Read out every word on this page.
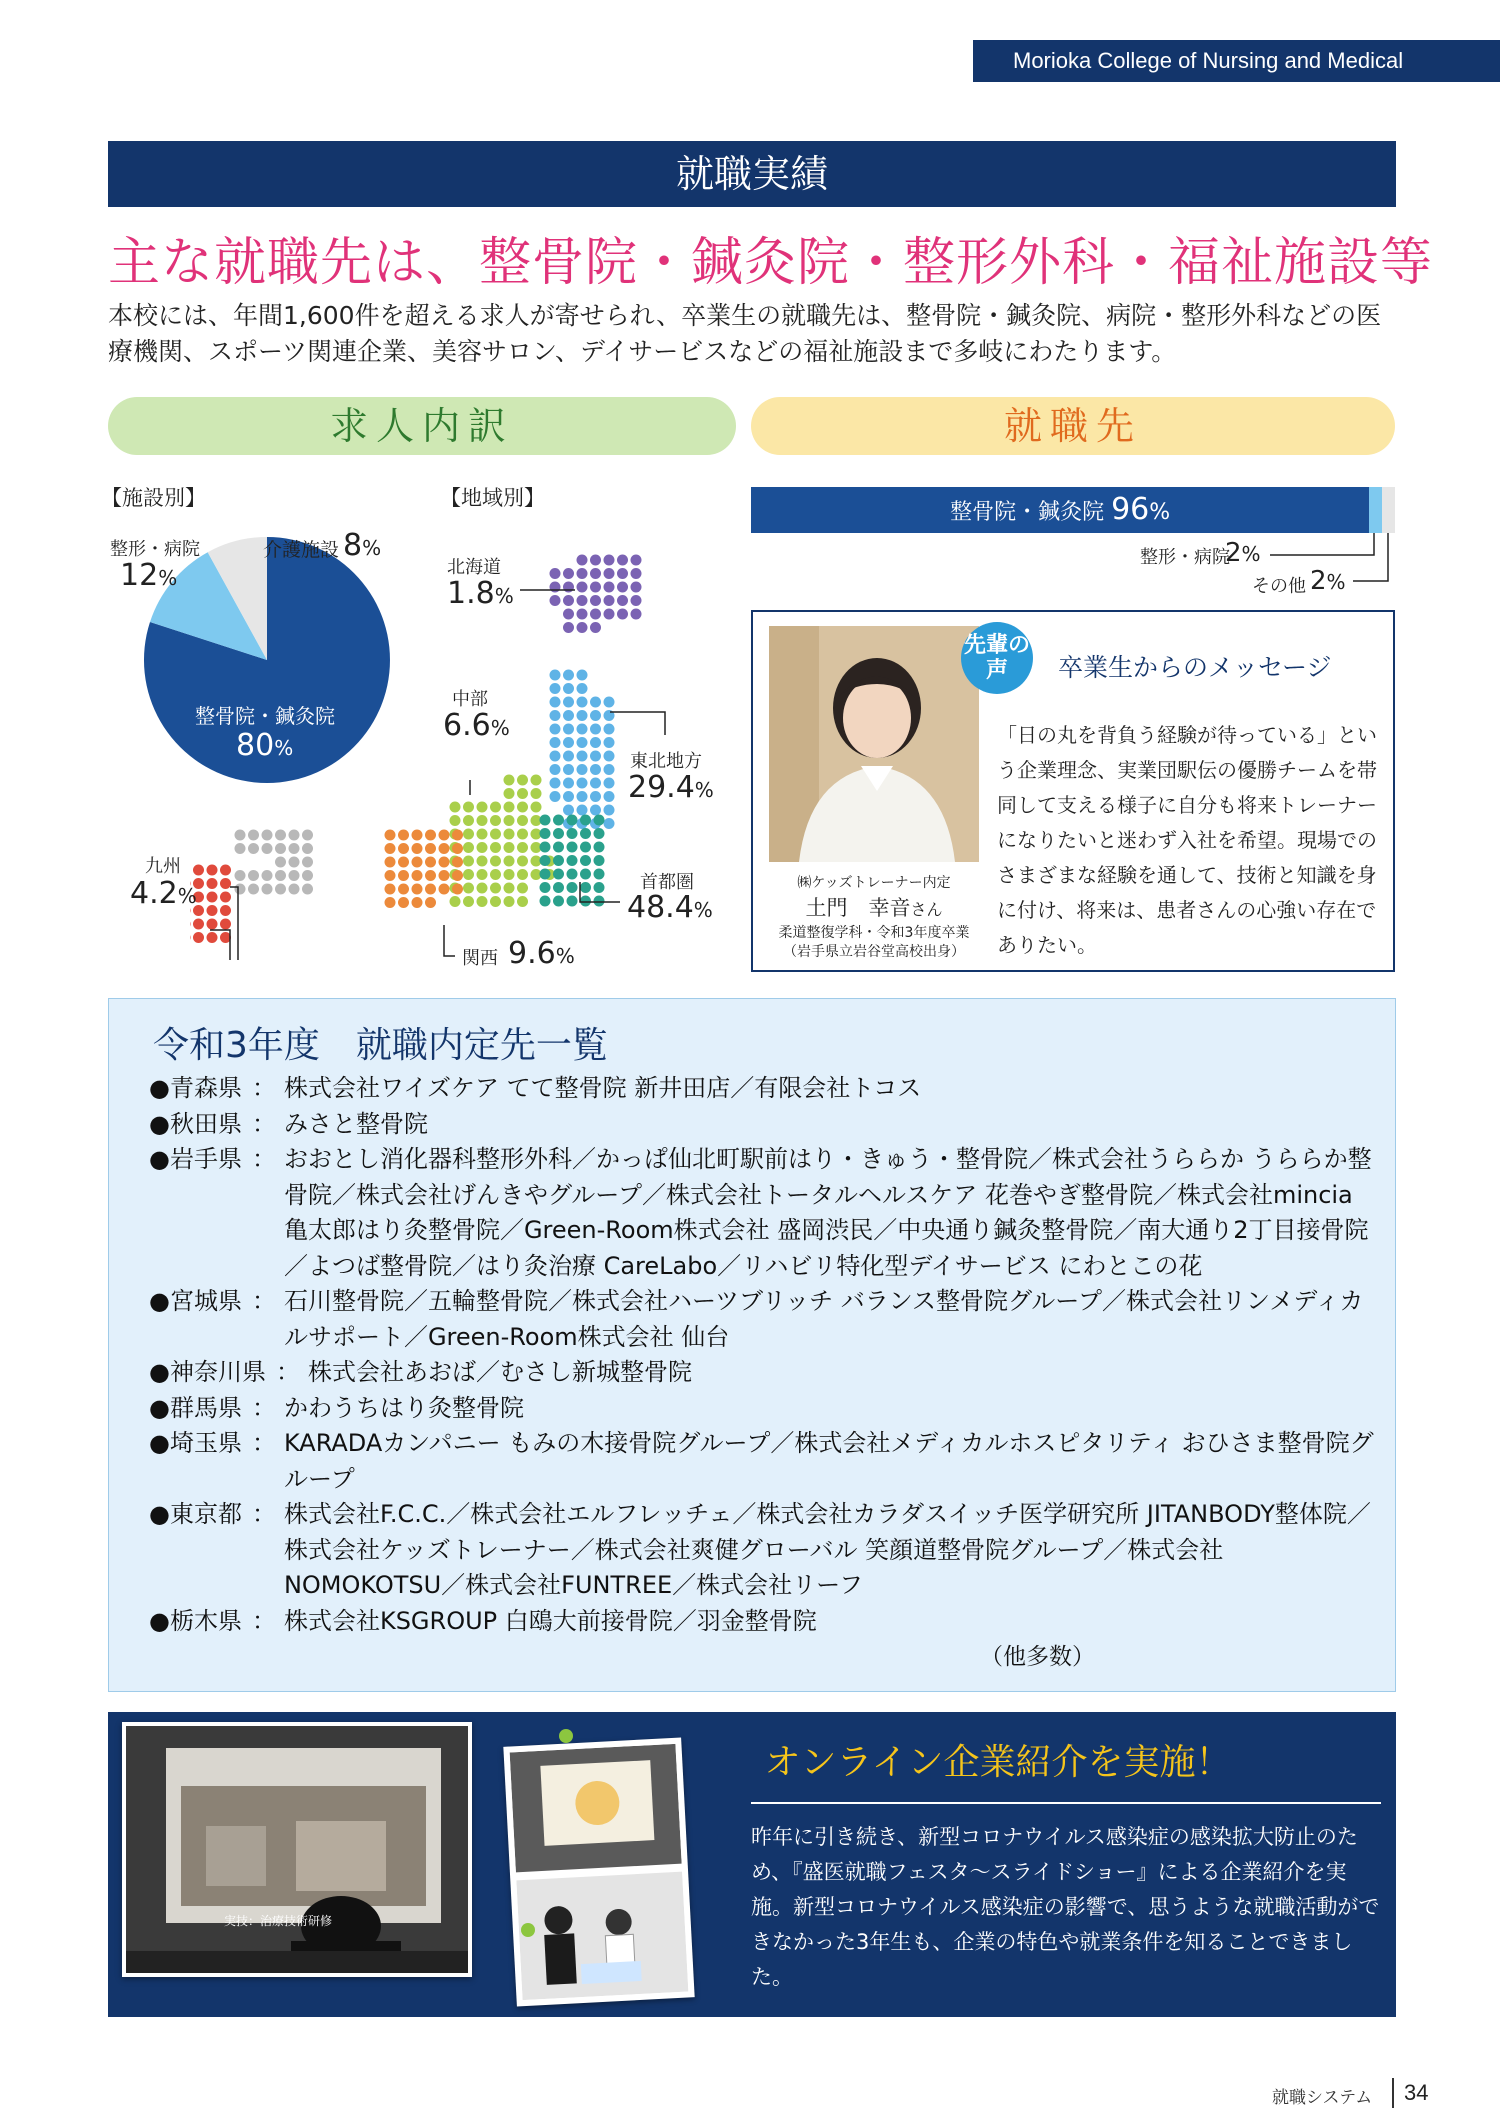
Morioka College of Nursing and Medical
就職実績
主な就職先は、整骨院・鍼灸院・整形外科・福祉施設等
本校には、年間1,600件を超える求人が寄せられ、卒業生の就職先は、整骨院・鍼灸院、病院・整形外科などの医療機関、スポーツ関連企業、美容サロン、デイサービスなどの福祉施設まで多岐にわたります。
求人内訳	就職先
【施設別】
整骨院・鍼灸院
80%
整形・病院
12%
介護施設 8%
【地域別】
北海道
1.8%
東北地方
29.4%
中部
6.6%
首都圏
48.4%
関西 9.6%
九州
4.2%
整骨院・鍼灸院 96%
整形・病院
2%
その他 2%
先輩の声	卒業生からのメッセージ
「日の丸を背負う経験が待っている」という企業理念、実業団駅伝の優勝チームを帯同して支える様子に自分も将来トレーナーになりたいと迷わず入社を希望。現場でのさまざまな経験を通して、技術と知識を身に付け、将来は、患者さんの心強い存在でありたい。
㈱ケッズトレーナー内定
土門　幸音さん
柔道整復学科・令和3年度卒業
（岩手県立岩谷堂高校出身）
令和3年度　就職内定先一覧
●青森県 ： 株式会社ワイズケア てて整骨院 新井田店／有限会社トコス
●秋田県 ： みさと整骨院
●岩手県 ： おおとし消化器科整形外科／かっぱ仙北町駅前はり・きゅう・整骨院／株式会社うららか うららか整骨院／株式会社げんきやグループ／株式会社トータルヘルスケア 花巻やぎ整骨院／株式会社mincia 亀太郎はり灸整骨院／Green-Room株式会社 盛岡渋民／中央通り鍼灸整骨院／南大通り2丁目接骨院／よつば整骨院／はり灸治療 CareLabo／リハビリ特化型デイサービス にわとこの花
●宮城県 ： 石川整骨院／五輪整骨院／株式会社ハーツブリッチ バランス整骨院グループ／株式会社リンメディカルサポート／Green-Room株式会社 仙台
●神奈川県 ： 株式会社あおば／むさし新城整骨院
●群馬県 ： かわうちはり灸整骨院
●埼玉県 ： KARADAカンパニー もみの木接骨院グループ／株式会社メディカルホスピタリティ おひさま整骨院グループ
●東京都 ： 株式会社F.C.C.／株式会社エルフレッチェ／株式会社カラダスイッチ医学研究所 JITANBODY整体院／株式会社ケッズトレーナー／株式会社爽健グローバル 笑顔道整骨院グループ／株式会社NOMOKOTSU／株式会社FUNTREE／株式会社リーフ
●栃木県 ： 株式会社KSGROUP 白鴎大前接骨院／羽金整骨院
（他多数）
実技：治療技術研修
オンライン企業紹介を実施！
昨年に引き続き、新型コロナウイルス感染症の感染拡大防止のため、『盛医就職フェスタ～スライドショー』による企業紹介を実施。新型コロナウイルス感染症の影響で、思うような就職活動ができなかった3年生も、企業の特色や就業条件を知ることできました。
就職システム 34
